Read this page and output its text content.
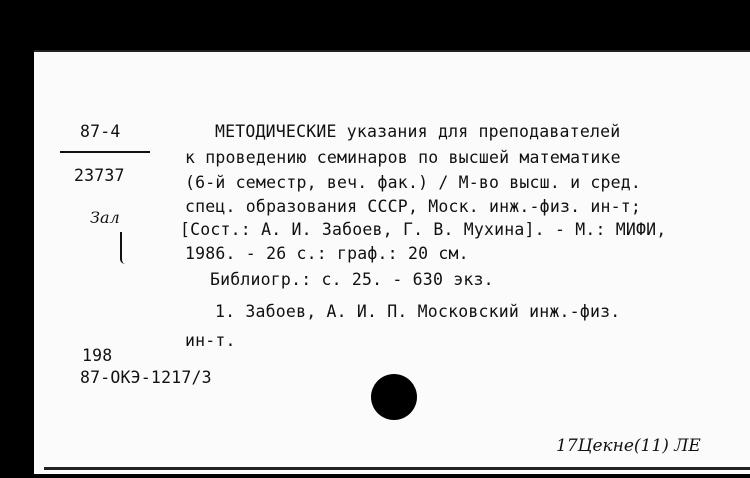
87-4
23737
Зал
МЕТОДИЧЕСКИЕ указания для преподавателей
к проведению семинаров по высшей математике
(6-й семестр, веч. фак.) / М-во высш. и сред.
спец. образования СССР, Моск. инж.-физ. ин-т;
[Сост.: А. И. Забоев, Г. В. Мухина]. - М.: МИФИ,
1986. - 26 с.: граф.: 20 см.
Библиогр.: с. 25. - 630 экз.
1. Забоев, А. И. П. Московский инж.-физ.
ин-т.
198
87-ОКЭ-1217/3
17Цекне(11) ЛЕ
